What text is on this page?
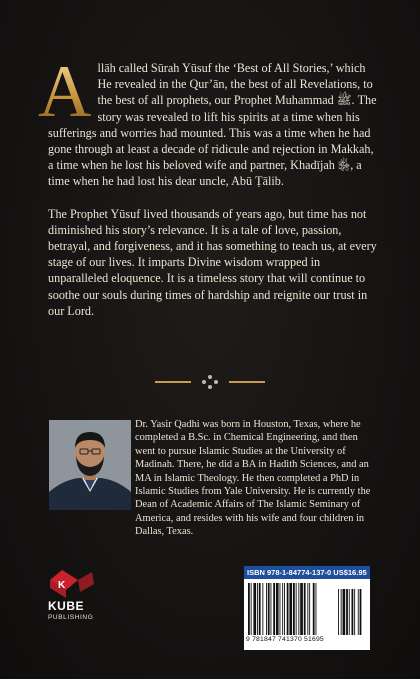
A llāh called Sūrah Yūsuf the ‘Best of All Stories,’ which He revealed in the Qur’ān, the best of all Revelations, to the best of all prophets, our Prophet Muhammad ﷺ. The story was revealed to lift his spirits at a time when his sufferings and worries had mounted. This was a time when he had gone through at least a decade of ridicule and rejection in Makkah, a time when he lost his beloved wife and partner, Khadījah ﵂, a time when he had lost his dear uncle, Abū Ṭālib.

The Prophet Yūsuf lived thousands of years ago, but time has not diminished his story’s relevance. It is a tale of love, passion, betrayal, and forgiveness, and it has something to teach us, at every stage of our lives. It imparts Divine wisdom wrapped in unparalleled eloquence. It is a timeless story that will continue to soothe our souls during times of hardship and reignite our trust in our Lord.

Dr. Yasir Qadhi was born in Houston, Texas, where he completed a B.Sc. in Chemical Engineering, and then went to pursue Islamic Studies at the University of Madinah. There, he did a BA in Hadith Sciences, and an MA in Islamic Theology. He then completed a PhD in Islamic Studies from Yale University. He is currently the Dean of Academic Affairs of The Islamic Seminary of America, and resides with his wife and four children in Dallas, Texas.
K
KUBE
PUBLISHING
ISBN 978-1-84774-137-0 US$16.95
9 781847 741370 51695
